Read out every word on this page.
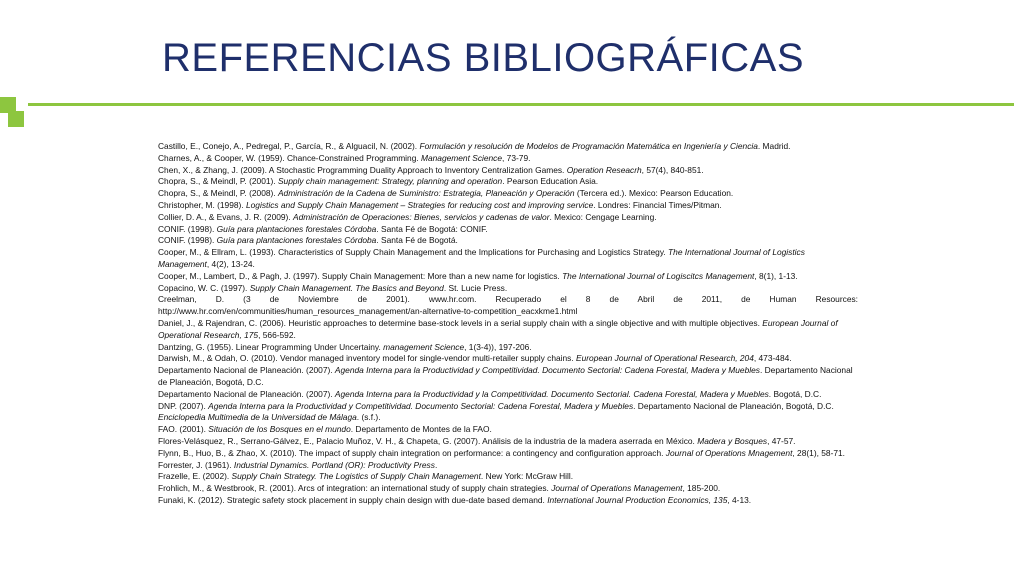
REFERENCIAS BIBLIOGRÁFICAS

Castillo, E., Conejo, A., Pedregal, P., García, R., & Alguacil, N. (2002). Formulación y resolución de Modelos de Programación Matemática en Ingeniería y Ciencia. Madrid.

Charnes, A., & Cooper, W. (1959). Chance-Constrained Programming. Management Science, 73-79.

Chen, X., & Zhang, J. (2009). A Stochastic Programming Duality Approach to Inventory Centralization Games. Operation Reseacrh, 57(4), 840-851.

Chopra, S., & Meindl, P. (2001). Supply chain management: Strategy, planning and operation. Pearson Education Asia.

Chopra, S., & Meindl, P. (2008). Administración de la Cadena de Suministro: Estrategia, Planeación y Operación (Tercera ed.). Mexico: Pearson Education.

Christopher, M. (1998). Logistics and Supply Chain Management – Strategies for reducing cost and improving service. Londres: Financial Times/Pitman.

Collier, D. A., & Evans, J. R. (2009). Administración de Operaciones: Bienes, servicios y cadenas de valor. Mexico: Cengage Learning.

CONIF. (1998). Guía para plantaciones forestales Córdoba. Santa Fé de Bogotá: CONIF.

CONIF. (1998). Guía para plantaciones forestales Córdoba. Santa Fé de Bogotá.

Cooper, M., & Ellram, L. (1993). Characteristics of Supply Chain Management and the Implications for Purchasing and Logistics Strategy. The International Journal of Logistics Management, 4(2), 13-24.

Cooper, M., Lambert, D., & Pagh, J. (1997). Supply Chain Management: More than a new name for logistics. The International Journal of Logiscitcs Management, 8(1), 1-13.

Copacino, W. C. (1997). Supply Chain Management. The Basics and Beyond. St. Lucie Press.

Creelman, D. (3 de Noviembre de 2001). www.hr.com. Recuperado el 8 de Abril de 2011, de Human Resources:

http://www.hr.com/en/communities/human_resources_management/an-alternative-to-competition_eacxkme1.html

Daniel, J., & Rajendran, C. (2006). Heuristic approaches to determine base-stock levels in a serial supply chain with a single objective and with multiple objectives. European Journal of Operational Research, 175, 566-592.

Dantzing, G. (1955). Linear Programming Under Uncertainy. management Science, 1(3-4)), 197-206.

Darwish, M., & Odah, O. (2010). Vendor managed inventory model for single-vendor multi-retailer supply chains. European Journal of Operational Research, 204, 473-484.

Departamento Nacional de Planeación. (2007). Agenda Interna para la Productividad y Competitividad. Documento Sectorial: Cadena Forestal, Madera y Muebles. Departamento Nacional de Planeación, Bogotá, D.C.

Departamento Nacional de Planeación. (2007). Agenda Interna para la Productividad y la Competitividad. Documento Sectorial. Cadena Forestal, Madera y Muebles. Bogotá, D.C.

DNP. (2007). Agenda Interna para la Productividad y Competitividad. Documento Sectorial: Cadena Forestal, Madera y Muebles. Departamento Nacional de Planeación, Bogotá, D.C.

Enciclopedia Multimedia de la Universidad de Málaga. (s.f.).

FAO. (2001). Situación de los Bosques en el mundo. Departamento de Montes de la FAO.

Flores-Velásquez, R., Serrano-Gálvez, E., Palacio Muñoz, V. H., & Chapeta, G. (2007). Análisis de la industria de la madera aserrada en México. Madera y Bosques, 47-57.

Flynn, B., Huo, B., & Zhao, X. (2010). The impact of supply chain integration on performance: a contingency and configuration approach. Journal of Operations Mnagement, 28(1), 58-71.

Forrester, J. (1961). Industrial Dynamics. Portland (OR): Productivity Press.

Frazelle, E. (2002). Supply Chain Strategy. The Logistics of Supply Chain Management. New York: McGraw Hill.

Frohlich, M., & Westbrook, R. (2001). Arcs of integration: an international study of supply chain strategies. Journal of Operations Management, 185-200.

Funaki, K. (2012). Strategic safety stock placement in supply chain design with due-date based demand. International Journal Production Economics, 135, 4-13.
